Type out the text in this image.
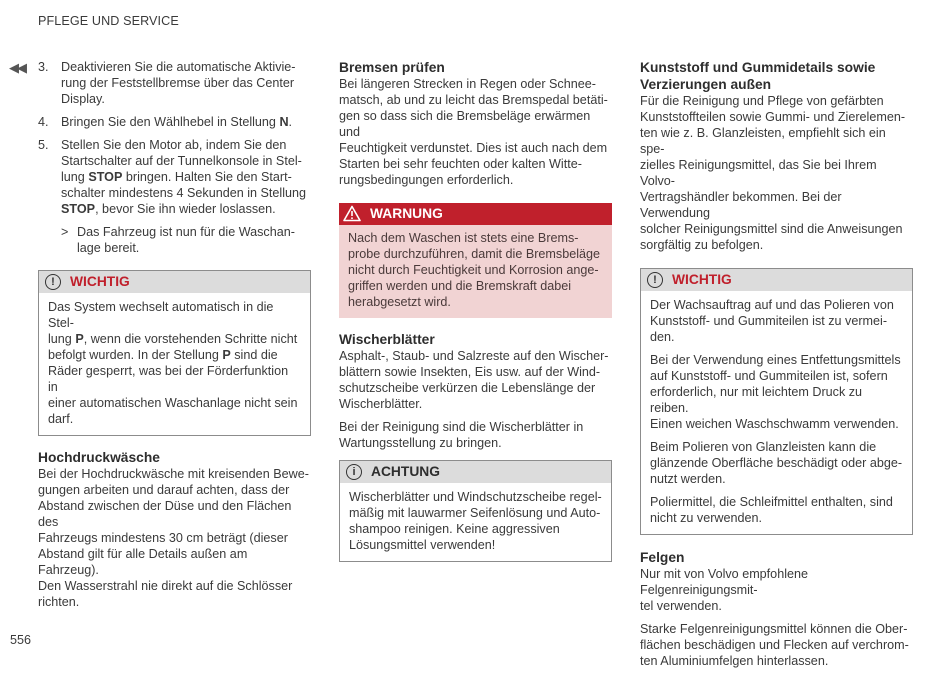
PFLEGE UND SERVICE
◀◀
556
3. Deaktivieren Sie die automatische Aktivie-
rung der Feststellbremse über das Center
Display.
4. Bringen Sie den Wählhebel in Stellung N.
5. Stellen Sie den Motor ab, indem Sie den
Startschalter auf der Tunnelkonsole in Stel-
lung STOP bringen. Halten Sie den Start-
schalter mindestens 4 Sekunden in Stellung
STOP, bevor Sie ihn wieder loslassen.
> Das Fahrzeug ist nun für die Waschan-
lage bereit.
!	WICHTIG
Das System wechselt automatisch in die Stel-
lung P, wenn die vorstehenden Schritte nicht
befolgt wurden. In der Stellung P sind die
Räder gesperrt, was bei der Förderfunktion in
einer automatischen Waschanlage nicht sein
darf.
Hochdruckwäsche
Bei der Hochdruckwäsche mit kreisenden Bewe-
gungen arbeiten und darauf achten, dass der
Abstand zwischen der Düse und den Flächen des
Fahrzeugs mindestens 30 cm beträgt (dieser
Abstand gilt für alle Details außen am Fahrzeug).
Den Wasserstrahl nie direkt auf die Schlösser
richten.
Bremsen prüfen
Bei längeren Strecken in Regen oder Schnee-
matsch, ab und zu leicht das Bremspedal betäti-
gen so dass sich die Bremsbeläge erwärmen und
Feuchtigkeit verdunstet. Dies ist auch nach dem
Starten bei sehr feuchten oder kalten Witte-
rungsbedingungen erforderlich.
WARNUNG
Nach dem Waschen ist stets eine Brems-
probe durchzuführen, damit die Bremsbeläge
nicht durch Feuchtigkeit und Korrosion ange-
griffen werden und die Bremskraft dabei
herabgesetzt wird.
Wischerblätter

Asphalt-, Staub- und Salzreste auf den Wischer-
blättern sowie Insekten, Eis usw. auf der Wind-
schutzscheibe verkürzen die Lebenslänge der
Wischerblätter.

Bei der Reinigung sind die Wischerblätter in
Wartungsstellung zu bringen.

i	ACHTUNG
Wischerblätter und Windschutzscheibe regel-
mäßig mit lauwarmer Seifenlösung und Auto-
shampoo reinigen. Keine aggressiven
Lösungsmittel verwenden!
Kunststoff und Gummidetails sowie
Verzierungen außen
Für die Reinigung und Pflege von gefärbten
Kunststoffteilen sowie Gummi- und Zierelemen-
ten wie z. B. Glanzleisten, empfiehlt sich ein spe-
zielles Reinigungsmittel, das Sie bei Ihrem Volvo-
Vertragshändler bekommen. Bei der Verwendung
solcher Reinigungsmittel sind die Anweisungen
sorgfältig zu befolgen.
!	WICHTIG

Der Wachsauftrag auf und das Polieren von
Kunststoff- und Gummiteilen ist zu vermei-
den.

Bei der Verwendung eines Entfettungsmittels
auf Kunststoff- und Gummiteilen ist, sofern
erforderlich, nur mit leichtem Druck zu reiben.
Einen weichen Waschschwamm verwenden.

Beim Polieren von Glanzleisten kann die
glänzende Oberfläche beschädigt oder abge-
nutzt werden.

Poliermittel, die Schleifmittel enthalten, sind
nicht zu verwenden.

Felgen

Nur mit von Volvo empfohlene Felgenreinigungsmit-
tel verwenden.

Starke Felgenreinigungsmittel können die Ober-
flächen beschädigen und Flecken auf verchrom-
ten Aluminiumfelgen hinterlassen.
